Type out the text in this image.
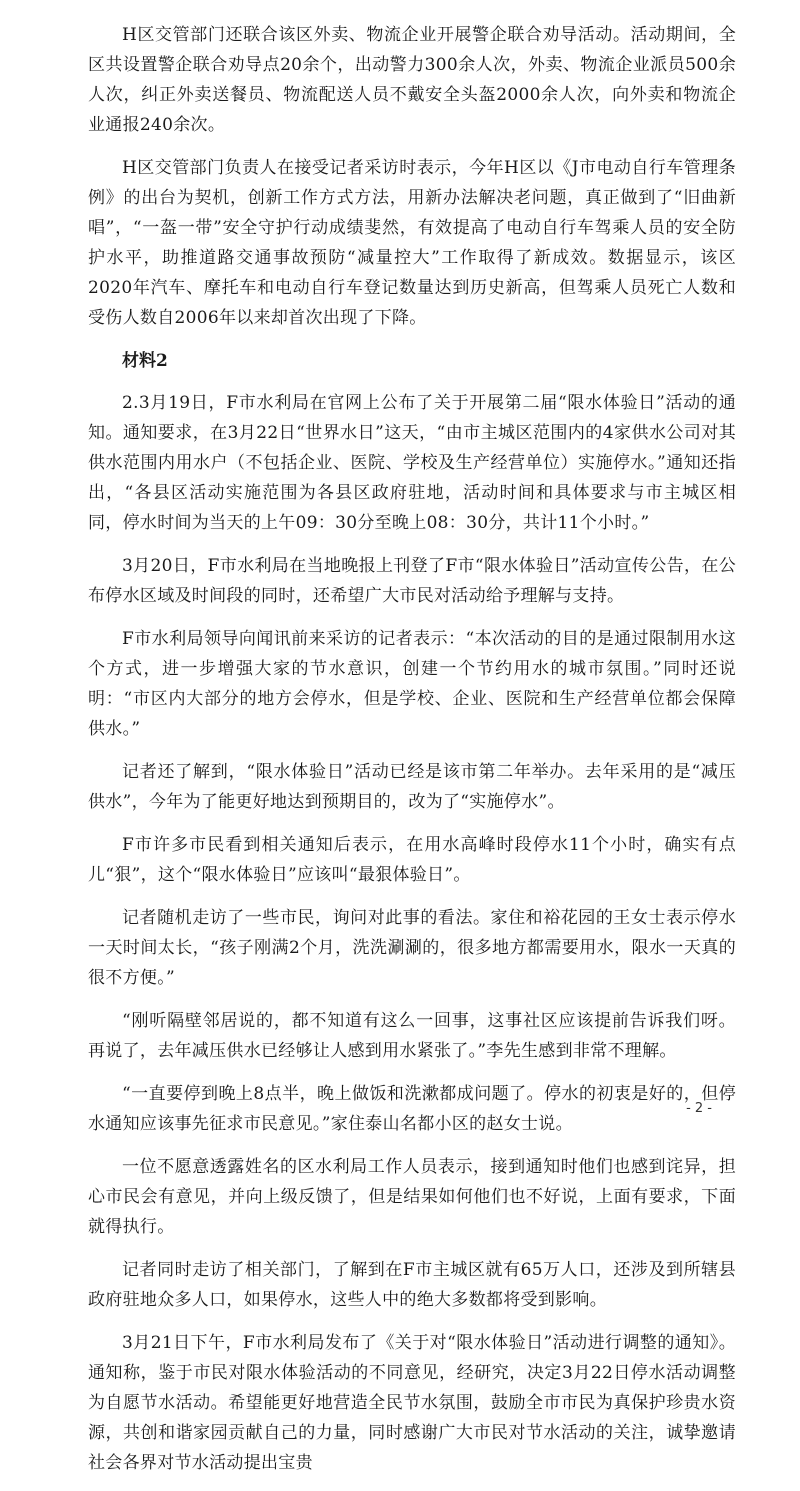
H区交管部门还联合该区外卖、物流企业开展警企联合劝导活动。活动期间，全区共设置警企联合劝导点20余个，出动警力300余人次，外卖、物流企业派员500余人次，纠正外卖送餐员、物流配送人员不戴安全头盔2000余人次，向外卖和物流企业通报240余次。

H区交管部门负责人在接受记者采访时表示，今年H区以《J市电动自行车管理条例》的出台为契机，创新工作方式方法，用新办法解决老问题，真正做到了“旧曲新唱”，“一盔一带”安全守护行动成绩斐然，有效提高了电动自行车驾乘人员的安全防护水平，助推道路交通事故预防“减量控大”工作取得了新成效。数据显示，该区2020年汽车、摩托车和电动自行车登记数量达到历史新高，但驾乘人员死亡人数和受伤人数自2006年以来却首次出现了下降。

材料2

2.3月19日，F市水利局在官网上公布了关于开展第二届“限水体验日”活动的通知。通知要求，在3月22日“世界水日”这天，“由市主城区范围内的4家供水公司对其供水范围内用水户（不包括企业、医院、学校及生产经营单位）实施停水。”通知还指出，“各县区活动实施范围为各县区政府驻地，活动时间和具体要求与市主城区相同，停水时间为当天的上午09：30分至晚上08：30分，共计11个小时。”

3月20日，F市水利局在当地晚报上刊登了F市“限水体验日”活动宣传公告，在公布停水区域及时间段的同时，还希望广大市民对活动给予理解与支持。

F市水利局领导向闻讯前来采访的记者表示：“本次活动的目的是通过限制用水这个方式，进一步增强大家的节水意识，创建一个节约用水的城市氛围。”同时还说明：“市区内大部分的地方会停水，但是学校、企业、医院和生产经营单位都会保障供水。”

记者还了解到，“限水体验日”活动已经是该市第二年举办。去年采用的是“减压供水”，今年为了能更好地达到预期目的，改为了“实施停水”。

F市许多市民看到相关通知后表示，在用水高峰时段停水11个小时，确实有点儿“狠”，这个“限水体验日”应该叫“最狠体验日”。

记者随机走访了一些市民，询问对此事的看法。家住和裕花园的王女士表示停水一天时间太长，“孩子刚满2个月，洗洗涮涮的，很多地方都需要用水，限水一天真的很不方便。”

“刚听隔壁邻居说的，都不知道有这么一回事，这事社区应该提前告诉我们呀。再说了，去年减压供水已经够让人感到用水紧张了。”李先生感到非常不理解。

“一直要停到晚上8点半，晚上做饭和洗漱都成问题了。停水的初衷是好的，但停水通知应该事先征求市民意见。”家住泰山名都小区的赵女士说。

一位不愿意透露姓名的区水利局工作人员表示，接到通知时他们也感到诧异，担心市民会有意见，并向上级反馈了，但是结果如何他们也不好说，上面有要求，下面就得执行。

记者同时走访了相关部门，了解到在F市主城区就有65万人口，还涉及到所辖县政府驻地众多人口，如果停水，这些人中的绝大多数都将受到影响。

3月21日下午，F市水利局发布了《关于对“限水体验日”活动进行调整的通知》。通知称，鉴于市民对限水体验活动的不同意见，经研究，决定3月22日停水活动调整为自愿节水活动。希望能更好地营造全民节水氛围，鼓励全市市民为真保护珍贵水资源，共创和谐家园贡献自己的力量，同时感谢广大市民对节水活动的关注，诚挚邀请社会各界对节水活动提出宝贵

- 2 -
